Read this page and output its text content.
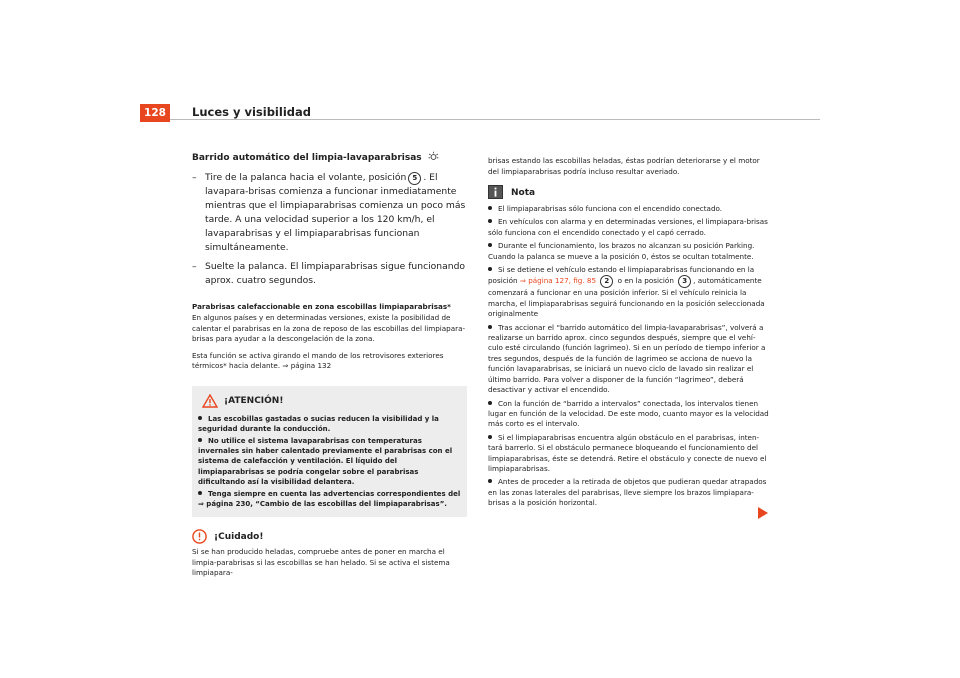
128	Luces y visibilidad
Barrido automático del limpia-lavaparabrisas
– Tire de la palanca hacia el volante, posición 5 . El lavapara-brisas comienza a funcionar inmediatamente mientras que el limpiaparabrisas comienza un poco más tarde. A una velocidad superior a los 120 km/h, el lavaparabrisas y el limpiaparabrisas funcionan simultáneamente.
– Suelte la palanca. El limpiaparabrisas sigue funcionando aprox. cuatro segundos.
Parabrisas calefaccionable en zona escobillas limpiaparabrisas*
En algunos países y en determinadas versiones, existe la posibilidad de calentar el parabrisas en la zona de reposo de las escobillas del limpiapara-brisas para ayudar a la descongelación de la zona.
Esta función se activa girando el mando de los retrovisores exteriores térmicos* hacia delante. ⇒ página 132
¡ATENCIÓN!
Las escobillas gastadas o sucias reducen la visibilidad y la seguridad durante la conducción.
No utilice el sistema lavaparabrisas con temperaturas invernales sin haber calentado previamente el parabrisas con el sistema de calefacción y ventilación. El líquido del limpiaparabrisas se podría congelar sobre el parabrisas dificultando así la visibilidad delantera.
Tenga siempre en cuenta las advertencias correspondientes del ⇒ página 230, “Cambio de las escobillas del limpiaparabrisas”.
¡Cuidado!
Si se han producido heladas, compruebe antes de poner en marcha el limpia-parabrisas si las escobillas se han helado. Si se activa el sistema limpiapara-
brisas estando las escobillas heladas, éstas podrían deteriorarse y el motor del limpiaparabrisas podría incluso resultar averiado.
Nota
El limpiaparabrisas sólo funciona con el encendido conectado.
En vehículos con alarma y en determinadas versiones, el limpiapara-brisas sólo funciona con el encendido conectado y el capó cerrado.
Durante el funcionamiento, los brazos no alcanzan su posición Parking. Cuando la palanca se mueve a la posición 0, éstos se ocultan totalmente.
Si se detiene el vehículo estando el limpiaparabrisas funcionando en la posición ⇒ página 127, fig. 85 2 o en la posición 3 , automáticamente comenzará a funcionar en una posición inferior. Si el vehículo reinicia la marcha, el limpiaparabrisas seguirá funcionando en la posición seleccionada originalmente
Tras accionar el “barrido automático del limpia-lavaparabrisas”, volverá a realizarse un barrido aprox. cinco segundos después, siempre que el vehí-culo esté circulando (función lagrimeo). Si en un período de tiempo inferior a tres segundos, después de la función de lagrimeo se acciona de nuevo la función lavaparabrisas, se iniciará un nuevo ciclo de lavado sin realizar el último barrido. Para volver a disponer de la función “lagrimeo”, deberá desactivar y activar el encendido.
Con la función de “barrido a intervalos” conectada, los intervalos tienen lugar en función de la velocidad. De este modo, cuanto mayor es la velocidad más corto es el intervalo.
Si el limpiaparabrisas encuentra algún obstáculo en el parabrisas, inten-tará barrerlo. Si el obstáculo permanece bloqueando el funcionamiento del limpiaparabrisas, éste se detendrá. Retire el obstáculo y conecte de nuevo el limpiaparabrisas.
Antes de proceder a la retirada de objetos que pudieran quedar atrapados en las zonas laterales del parabrisas, lleve siempre los brazos limpiapara-brisas a la posición horizontal.
